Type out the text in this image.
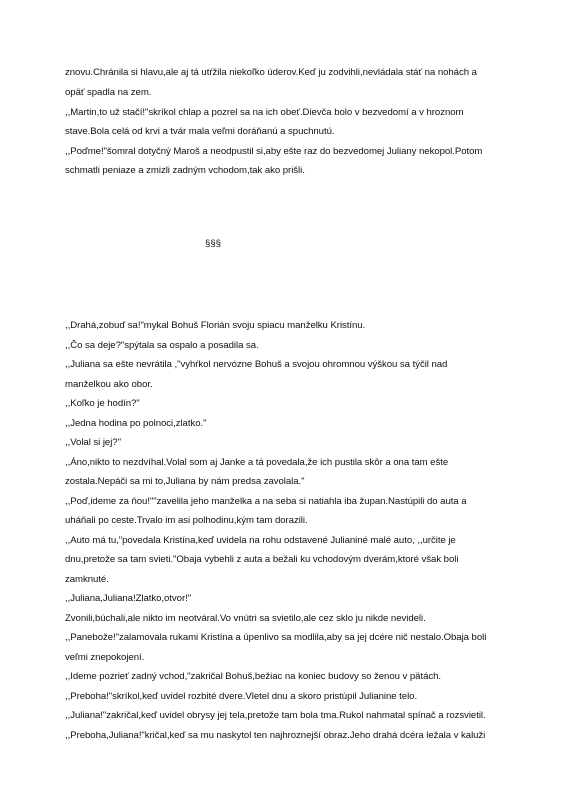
znovu.Chránila si hlavu,ale aj tá utŕžila niekoľko úderov.Keď ju zodvihli,nevládala stáť na nohách a
opäť spadla na zem.
,,Martin,to už stačí!"skríkol chlap a pozrel sa na ich obeť.Dievča bolo v bezvedomí a v hroznom
stave.Bola celá od krvi a tvár mala veľmi doráňanú a spuchnutú.
,,Poďme!"šomral dotyčný Maroš a neodpustil si,aby ešte raz do bezvedomej Juliany nekopol.Potom
schmatli peniaze a zmizli zadným vchodom,tak ako prišli.
§§§
,,Drahá,zobuď sa!"mykal Bohuš Florián svoju spiacu manželku Kristínu.
,,Čo sa deje?"spýtala sa ospalo a posadila sa.
,,Juliana sa ešte nevrátila ,"vyhŕkol nervózne Bohuš a svojou ohromnou výškou sa týčil nad
manželkou ako obor.
,,Koľko je hodín?"
,,Jedna hodina po polnoci,zlatko."
,,Volal si jej?"
,,Áno,nikto to nezdvíhal.Volal som aj Janke a tá povedala,že ich pustila skôr a ona tam ešte
zostala.Nepáči sa mi to,Juliana by nám predsa zavolala."
,,Poď,ideme za ňou!""zavelila jeho manželka a na seba si natiahla iba župan.Nastúpili do auta a
uháňali po ceste.Trvalo im asi polhodinu,kým tam dorazili.
,,Auto má tu,"povedala Kristína,keď uvidela na rohu odstavené Julianiné malé auto, ,,určite je
dnu,pretože sa tam svieti."Obaja vybehli z auta a bežali ku vchodovým dverám,ktoré však boli
zamknuté.
,,Juliana,Juliana!Zlatko,otvor!"
Zvonili,búchali,ale nikto im neotváral.Vo vnútri sa svietilo,ale cez sklo ju nikde nevideli.
,,Panebože!"zalamovala rukami Kristína a úpenlivo sa modlila,aby sa jej dcére nič nestalo.Obaja boli
veľmi znepokojení.
,,Ideme pozrieť zadný vchod,"zakričal Bohuš,bežiac na koniec budovy so ženou v pätách.
,,Preboha!"skríkol,keď uvidel rozbité dvere.Vletel dnu a skoro pristúpil Julianine telo.
,,Juliana!"zakričal,keď uvidel obrysy jej tela,pretože tam bola tma.Rukol nahmatal spínač a rozsvietil.
,,Preboha,Juliana!"kričal,keď sa mu naskytol ten najhroznejší obraz.Jeho drahá dcéra ležala v kaluži
